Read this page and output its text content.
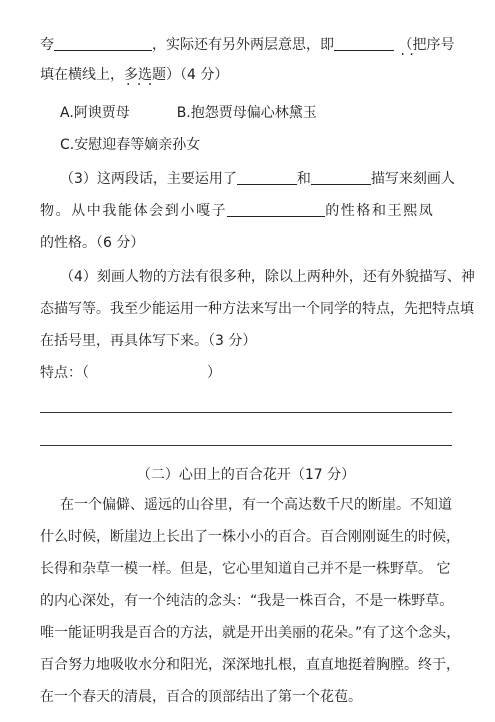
夸	，实际还有另外两层意思，即	（把序号 · ·
填在横线上，多选题 · · ·）（4 分）
A.阿谀贾母	B.抱怨贾母偏心林黛玉
C.安慰迎春等嫡亲孙女
（3）这两段话，主要运用了	和	描写来刻画人
物。从中我能体会到小嘎子	的性格和王熙凤
的性格。（6 分）
（4）刻画人物的方法有很多种，除以上两种外，还有外貌描写、神
态描写等。我至少能运用一种方法来写出一个同学的特点，先把特点填
在括号里，再具体写下来。（3 分）
特点：（	）
（二）心田上的百合花开（17 分）
在一个偏僻、遥远的山谷里，有一个高达数千尺的断崖。不知道
什么时候，断崖边上长出了一株小小的百合。百合刚刚诞生的时候，
长得和杂草一模一样。但是，它心里知道自己并不是一株野草。 它
的内心深处，有一个纯洁的念头：“我是一株百合，不是一株野草。
唯一能证明我是百合的方法，就是开出美丽的花朵。”有了这个念头，
百合努力地吸收水分和阳光，深深地扎根，直直地挺着胸膛。终于，
在一个春天的清晨，百合的顶部结出了第一个花苞。
